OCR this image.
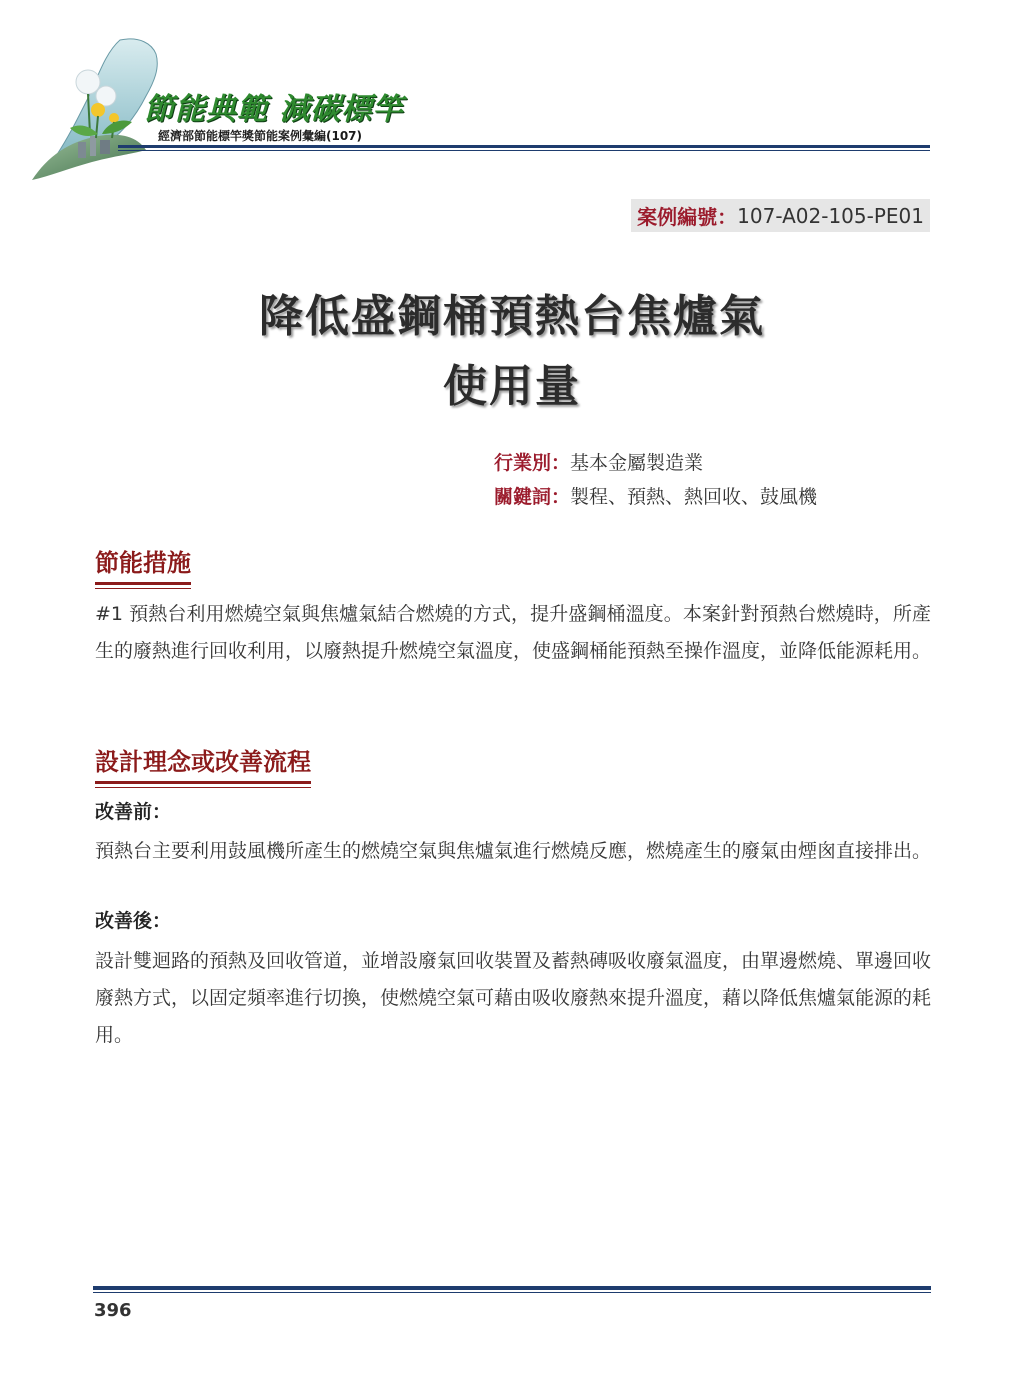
節能典範 減碳標竿
經濟部節能標竿獎節能案例彙編(107)
案例編號： 107-A02-105-PE01
降低盛鋼桶預熱台焦爐氣
使用量
行業別：基本金屬製造業
關鍵詞：製程、預熱、熱回收、鼓風機
節能措施
#1 預熱台利用燃燒空氣與焦爐氣結合燃燒的方式，提升盛鋼桶溫度。本案針對預熱台燃燒時，所產生的廢熱進行回收利用，以廢熱提升燃燒空氣溫度，使盛鋼桶能預熱至操作溫度，並降低能源耗用。
設計理念或改善流程
改善前：
預熱台主要利用鼓風機所產生的燃燒空氣與焦爐氣進行燃燒反應，燃燒產生的廢氣由煙囪直接排出。
改善後：
設計雙迴路的預熱及回收管道，並增設廢氣回收裝置及蓄熱磚吸收廢氣溫度，由單邊燃燒、單邊回收廢熱方式，以固定頻率進行切換，使燃燒空氣可藉由吸收廢熱來提升溫度，藉以降低焦爐氣能源的耗用。
396
